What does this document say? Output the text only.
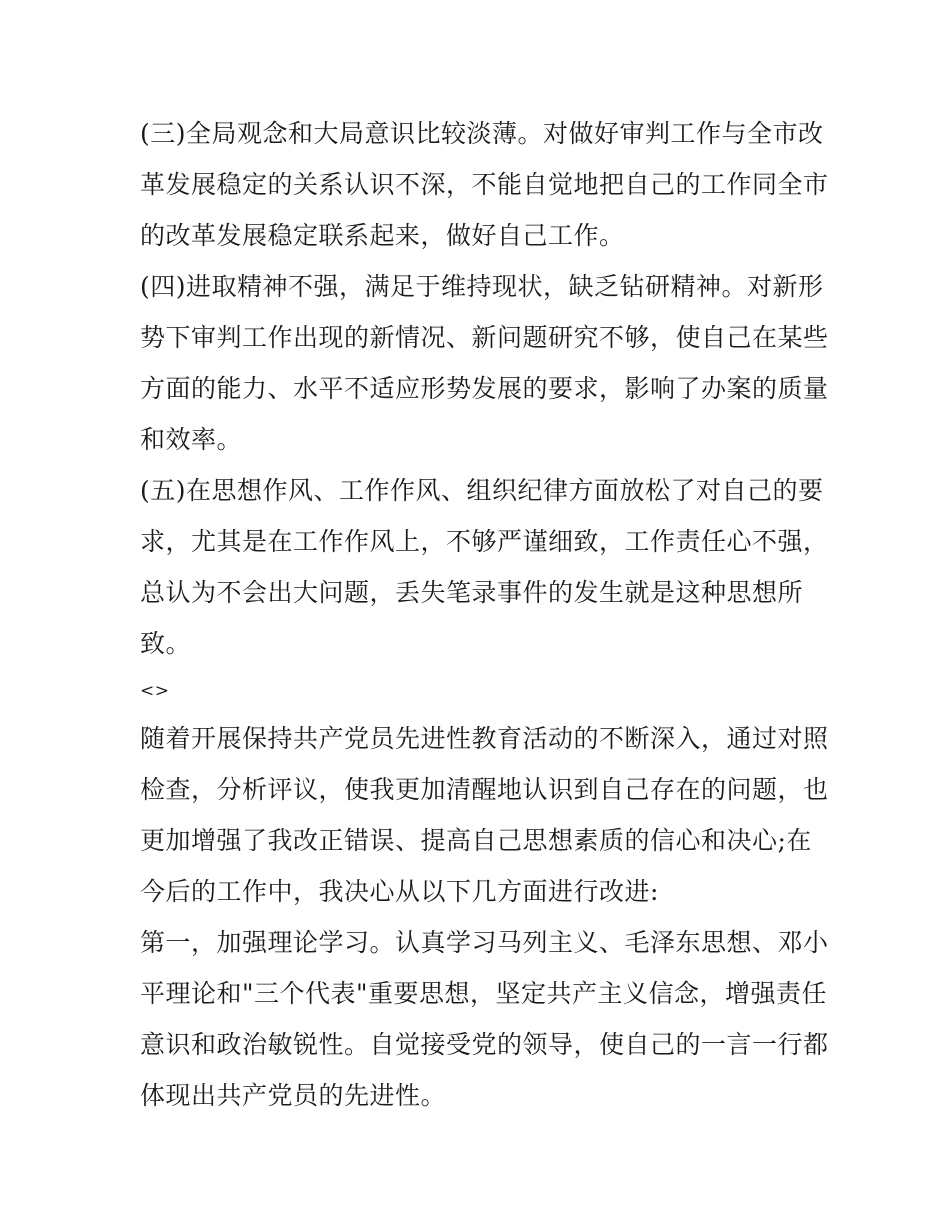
(三)全局观念和大局意识比较淡薄。对做好审判工作与全市改
革发展稳定的关系认识不深，不能自觉地把自己的工作同全市
的改革发展稳定联系起来，做好自己工作。
(四)进取精神不强，满足于维持现状，缺乏钻研精神。对新形
势下审判工作出现的新情况、新问题研究不够，使自己在某些
方面的能力、水平不适应形势发展的要求，影响了办案的质量
和效率。
(五)在思想作风、工作作风、组织纪律方面放松了对自己的要
求，尤其是在工作作风上，不够严谨细致，工作责任心不强，
总认为不会出大问题，丢失笔录事件的发生就是这种思想所
致。
<>
随着开展保持共产党员先进性教育活动的不断深入，通过对照
检查，分析评议，使我更加清醒地认识到自己存在的问题，也
更加增强了我改正错误、提高自己思想素质的信心和决心;在
今后的工作中，我决心从以下几方面进行改进:
第一，加强理论学习。认真学习马列主义、毛泽东思想、邓小
平理论和"三个代表"重要思想，坚定共产主义信念，增强责任
意识和政治敏锐性。自觉接受党的领导，使自己的一言一行都
体现出共产党员的先进性。
